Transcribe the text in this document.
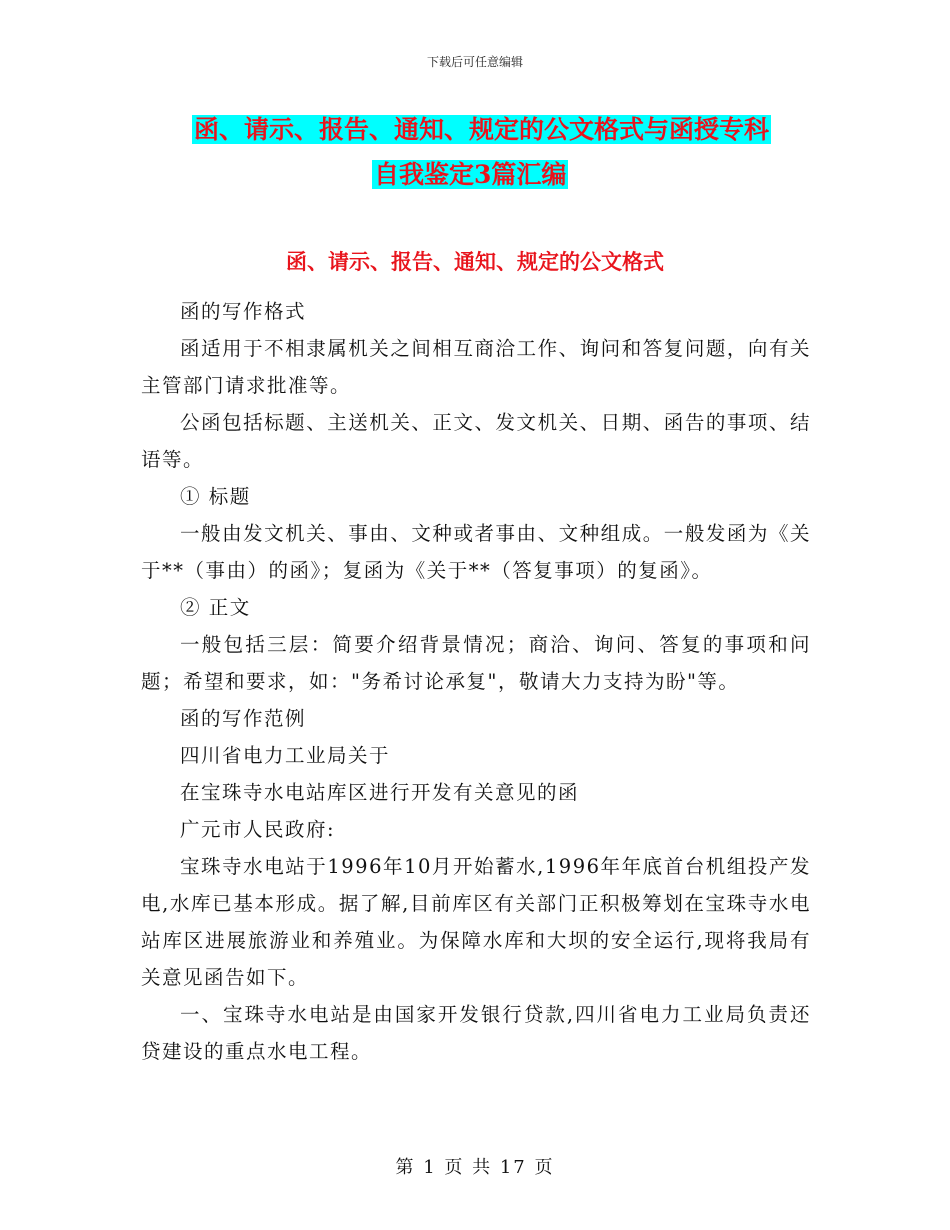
下载后可任意编辑
函、请示、报告、通知、规定的公文格式与函授专科
自我鉴定3篇汇编
函、请示、报告、通知、规定的公文格式

函的写作格式

函适用于不相隶属机关之间相互商洽工作、询问和答复问题，向有关主管部门请求批准等。

公函包括标题、主送机关、正文、发文机关、日期、函告的事项、结语等。

① 标题

一般由发文机关、事由、文种或者事由、文种组成。一般发函为《关于**（事由）的函》；复函为《关于**（答复事项）的复函》。

② 正文

一般包括三层：简要介绍背景情况；商洽、询问、答复的事项和问题；希望和要求，如："务希讨论承复"，敬请大力支持为盼"等。

函的写作范例

四川省电力工业局关于

在宝珠寺水电站库区进行开发有关意见的函

广元市人民政府:

宝珠寺水电站于1996年10月开始蓄水,1996年年底首台机组投产发电,水库已基本形成。据了解,目前库区有关部门正积极筹划在宝珠寺水电站库区进展旅游业和养殖业。为保障水库和大坝的安全运行,现将我局有关意见函告如下。

一、宝珠寺水电站是由国家开发银行贷款,四川省电力工业局负责还贷建设的重点水电工程。

第 1 页 共 17 页
